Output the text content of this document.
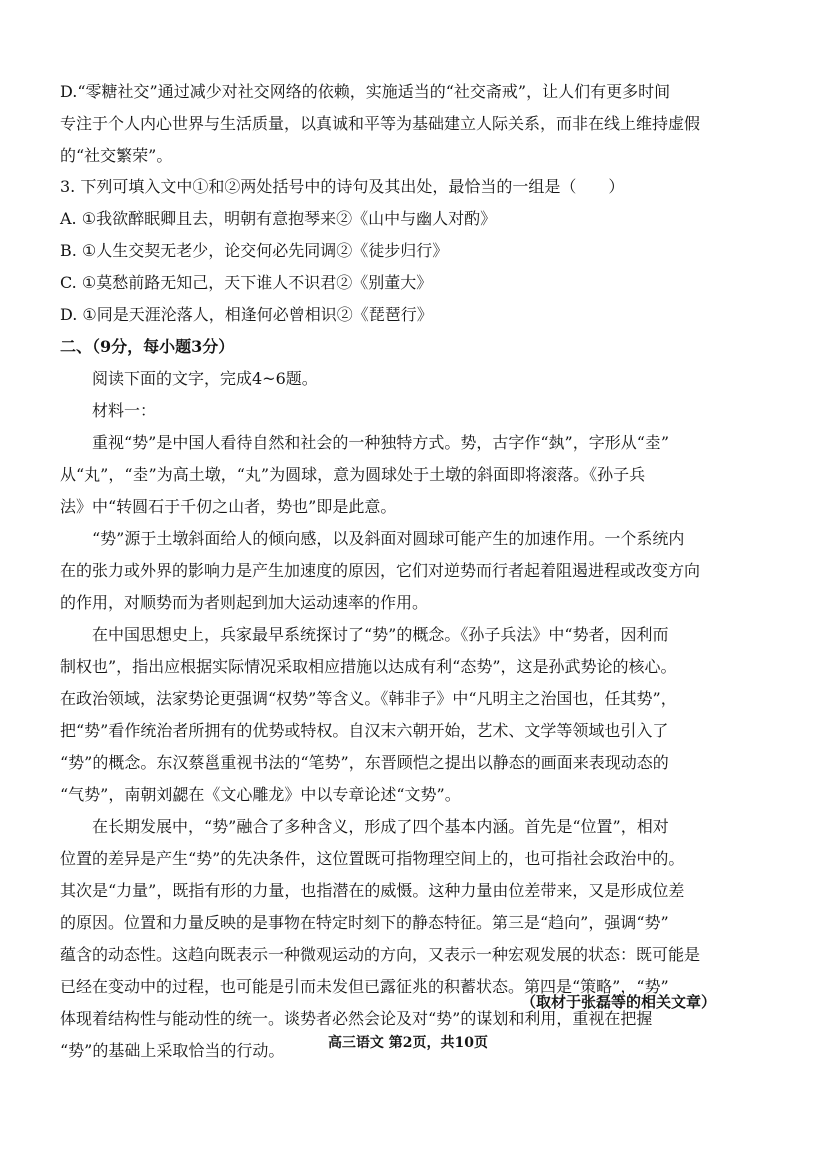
D.“零糖社交”通过减少对社交网络的依赖，实施适当的“社交斋戒”，让人们有更多时间
专注于个人内心世界与生活质量，以真诚和平等为基础建立人际关系，而非在线上维持虚假
的“社交繁荣”。
3. 下列可填入文中①和②两处括号中的诗句及其出处，最恰当的一组是（　　）
A. ①我欲醉眠卿且去，明朝有意抱琴来②《山中与幽人对酌》
B. ①人生交契无老少，论交何必先同调②《徒步归行》
C. ①莫愁前路无知己，天下谁人不识君②《别董大》
D. ①同是天涯沦落人，相逢何必曾相识②《琵琶行》
二、（9分，每小题3分）
阅读下面的文字，完成4~6题。
材料一：
重视“势”是中国人看待自然和社会的一种独特方式。势，古字作“埶”，字形从“坴”
从“丸”，“坴”为高土墩，“丸”为圆球，意为圆球处于土墩的斜面即将滚落。《孙子兵
法》中“转圆石于千仞之山者，势也”即是此意。
“势”源于土墩斜面给人的倾向感，以及斜面对圆球可能产生的加速作用。一个系统内
在的张力或外界的影响力是产生加速度的原因，它们对逆势而行者起着阻遏进程或改变方向
的作用，对顺势而为者则起到加大运动速率的作用。
在中国思想史上，兵家最早系统探讨了“势”的概念。《孙子兵法》中“势者，因利而
制权也”，指出应根据实际情况采取相应措施以达成有利“态势”，这是孙武势论的核心。
在政治领域，法家势论更强调“权势”等含义。《韩非子》中“凡明主之治国也，任其势”，
把“势”看作统治者所拥有的优势或特权。自汉末六朝开始，艺术、文学等领域也引入了
“势”的概念。东汉蔡邕重视书法的“笔势”，东晋顾恺之提出以静态的画面来表现动态的
“气势”，南朝刘勰在《文心雕龙》中以专章论述“文势”。
在长期发展中，“势”融合了多种含义，形成了四个基本内涵。首先是“位置”，相对
位置的差异是产生“势”的先决条件，这位置既可指物理空间上的，也可指社会政治中的。
其次是“力量”，既指有形的力量，也指潜在的威慑。这种力量由位差带来，又是形成位差
的原因。位置和力量反映的是事物在特定时刻下的静态特征。第三是“趋向”，强调“势”
蕴含的动态性。这趋向既表示一种微观运动的方向，又表示一种宏观发展的状态：既可能是
已经在变动中的过程，也可能是引而未发但已露征兆的积蓄状态。第四是“策略”，“势”
体现着结构性与能动性的统一。谈势者必然会论及对“势”的谋划和利用，重视在把握
“势”的基础上采取恰当的行动。
（取材于张磊等的相关文章）
高三语文 第2页，共10页
